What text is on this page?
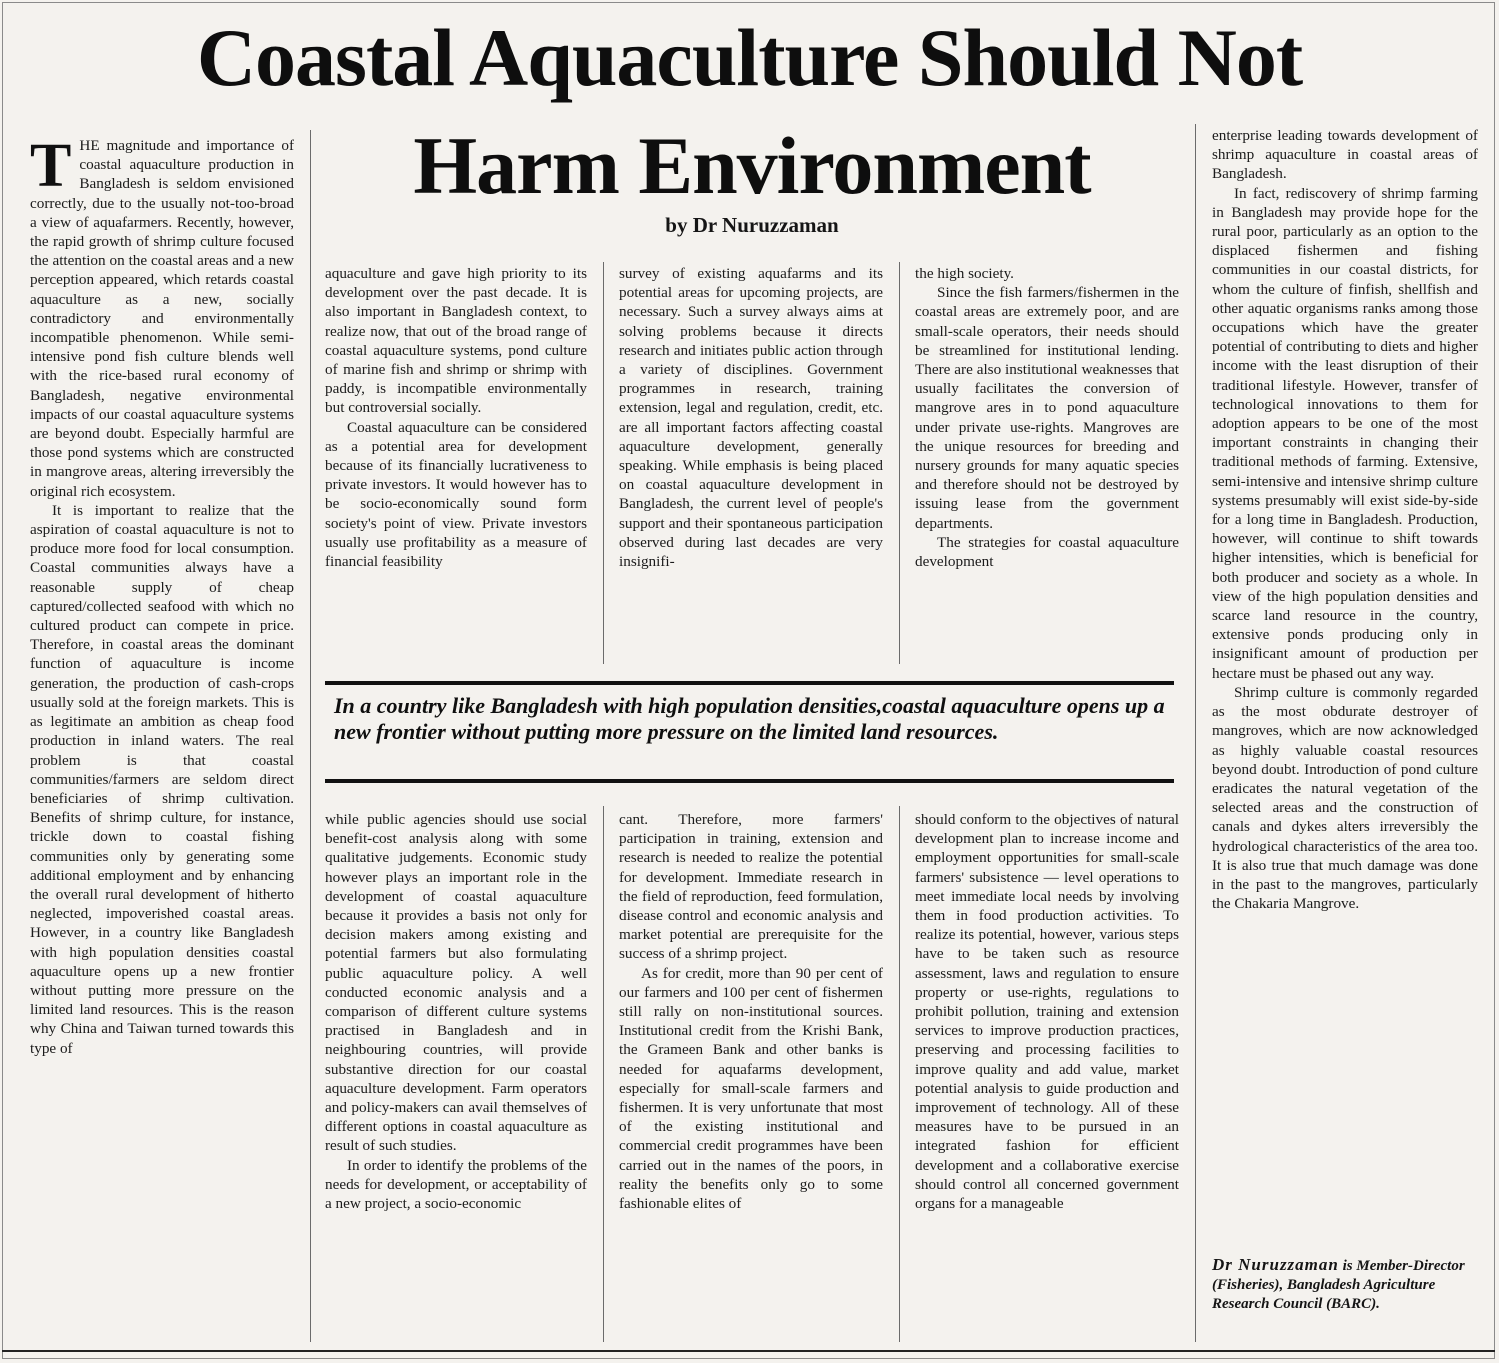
Coastal Aquaculture Should Not
Harm Environment
by Dr Nuruzzaman
T HE magnitude and importance of coastal aquaculture production in Bangladesh is seldom envisioned correctly, due to the usually not-too-broad a view of aquafarmers. Recently, however, the rapid growth of shrimp culture focused the attention on the coastal areas and a new perception appeared, which retards coastal aquaculture as a new, socially contradictory and environmentally incompatible phenomenon. While semi-intensive pond fish culture blends well with the rice-based rural economy of Bangladesh, negative environmental impacts of our coastal aquaculture systems are beyond doubt. Especially harmful are those pond systems which are constructed in mangrove areas, altering irreversibly the original rich ecosystem.

It is important to realize that the aspiration of coastal aquaculture is not to produce more food for local consumption. Coastal communities always have a reasonable supply of cheap captured/collected seafood with which no cultured product can compete in price. Therefore, in coastal areas the dominant function of aquaculture is income generation, the production of cash-crops usually sold at the foreign markets. This is as legitimate an ambition as cheap food production in inland waters. The real problem is that coastal communities/farmers are seldom direct beneficiaries of shrimp cultivation. Benefits of shrimp culture, for instance, trickle down to coastal fishing communities only by generating some additional employment and by enhancing the overall rural development of hitherto neglected, impoverished coastal areas. However, in a country like Bangladesh with high population densities coastal aquaculture opens up a new frontier without putting more pressure on the limited land resources. This is the reason why China and Taiwan turned towards this type of

aquaculture and gave high priority to its development over the past decade. It is also important in Bangladesh context, to realize now, that out of the broad range of coastal aquaculture systems, pond culture of marine fish and shrimp or shrimp with paddy, is incompatible environmentally but controversial socially.

Coastal aquaculture can be considered as a potential area for development because of its financially lucrativeness to private investors. It would however has to be socio-economically sound form society's point of view. Private investors usually use profitability as a measure of financial feasibility

survey of existing aquafarms and its potential areas for upcoming projects, are necessary. Such a survey always aims at solving problems because it directs research and initiates public action through a variety of disciplines. Government programmes in research, training extension, legal and regulation, credit, etc. are all important factors affecting coastal aquaculture development, generally speaking. While emphasis is being placed on coastal aquaculture development in Bangladesh, the current level of people's support and their spontaneous participation observed during last decades are very insignifi-

the high society.

Since the fish farmers/fishermen in the coastal areas are extremely poor, and are small-scale operators, their needs should be streamlined for institutional lending. There are also institutional weaknesses that usually facilitates the conversion of mangrove ares in to pond aquaculture under private use-rights. Mangroves are the unique resources for breeding and nursery grounds for many aquatic species and therefore should not be destroyed by issuing lease from the government departments.

The strategies for coastal aquaculture development

In a country like Bangladesh with high population densities,coastal aquaculture opens up a new frontier without putting more pressure on the limited land resources.

while public agencies should use social benefit-cost analysis along with some qualitative judgements. Economic study however plays an important role in the development of coastal aquaculture because it provides a basis not only for decision makers among existing and potential farmers but also formulating public aquaculture policy. A well conducted economic analysis and a comparison of different culture systems practised in Bangladesh and in neighbouring countries, will provide substantive direction for our coastal aquaculture development. Farm operators and policy-makers can avail themselves of different options in coastal aquaculture as result of such studies.

In order to identify the problems of the needs for development, or acceptability of a new project, a socio-economic

cant. Therefore, more farmers' participation in training, extension and research is needed to realize the potential for development. Immediate research in the field of reproduction, feed formulation, disease control and economic analysis and market potential are prerequisite for the success of a shrimp project.

As for credit, more than 90 per cent of our farmers and 100 per cent of fishermen still rally on non-institutional sources. Institutional credit from the Krishi Bank, the Grameen Bank and other banks is needed for aquafarms development, especially for small-scale farmers and fishermen. It is very unfortunate that most of the existing institutional and commercial credit programmes have been carried out in the names of the poors, in reality the benefits only go to some fashionable elites of

should conform to the objectives of natural development plan to increase income and employment opportunities for small-scale farmers' subsistence — level operations to meet immediate local needs by involving them in food production activities. To realize its potential, however, various steps have to be taken such as resource assessment, laws and regulation to ensure property or use-rights, regulations to prohibit pollution, training and extension services to improve production practices, preserving and processing facilities to improve quality and add value, market potential analysis to guide production and improvement of technology. All of these measures have to be pursued in an integrated fashion for efficient development and a collaborative exercise should control all concerned government organs for a manageable

enterprise leading towards development of shrimp aquaculture in coastal areas of Bangladesh.

In fact, rediscovery of shrimp farming in Bangladesh may provide hope for the rural poor, particularly as an option to the displaced fishermen and fishing communities in our coastal districts, for whom the culture of finfish, shellfish and other aquatic organisms ranks among those occupations which have the greater potential of contributing to diets and higher income with the least disruption of their traditional lifestyle. However, transfer of technological innovations to them for adoption appears to be one of the most important constraints in changing their traditional methods of farming. Extensive, semi-intensive and intensive shrimp culture systems presumably will exist side-by-side for a long time in Bangladesh. Production, however, will continue to shift towards higher intensities, which is beneficial for both producer and society as a whole. In view of the high population densities and scarce land resource in the country, extensive ponds producing only in insignificant amount of production per hectare must be phased out any way.

Shrimp culture is commonly regarded as the most obdurate destroyer of mangroves, which are now acknowledged as highly valuable coastal resources beyond doubt. Introduction of pond culture eradicates the natural vegetation of the selected areas and the construction of canals and dykes alters irreversibly the hydrological characteristics of the area too. It is also true that much damage was done in the past to the mangroves, particularly the Chakaria Mangrove.

Dr Nuruzzaman is Member-Director (Fisheries), Bangladesh Agriculture Research Council (BARC).
